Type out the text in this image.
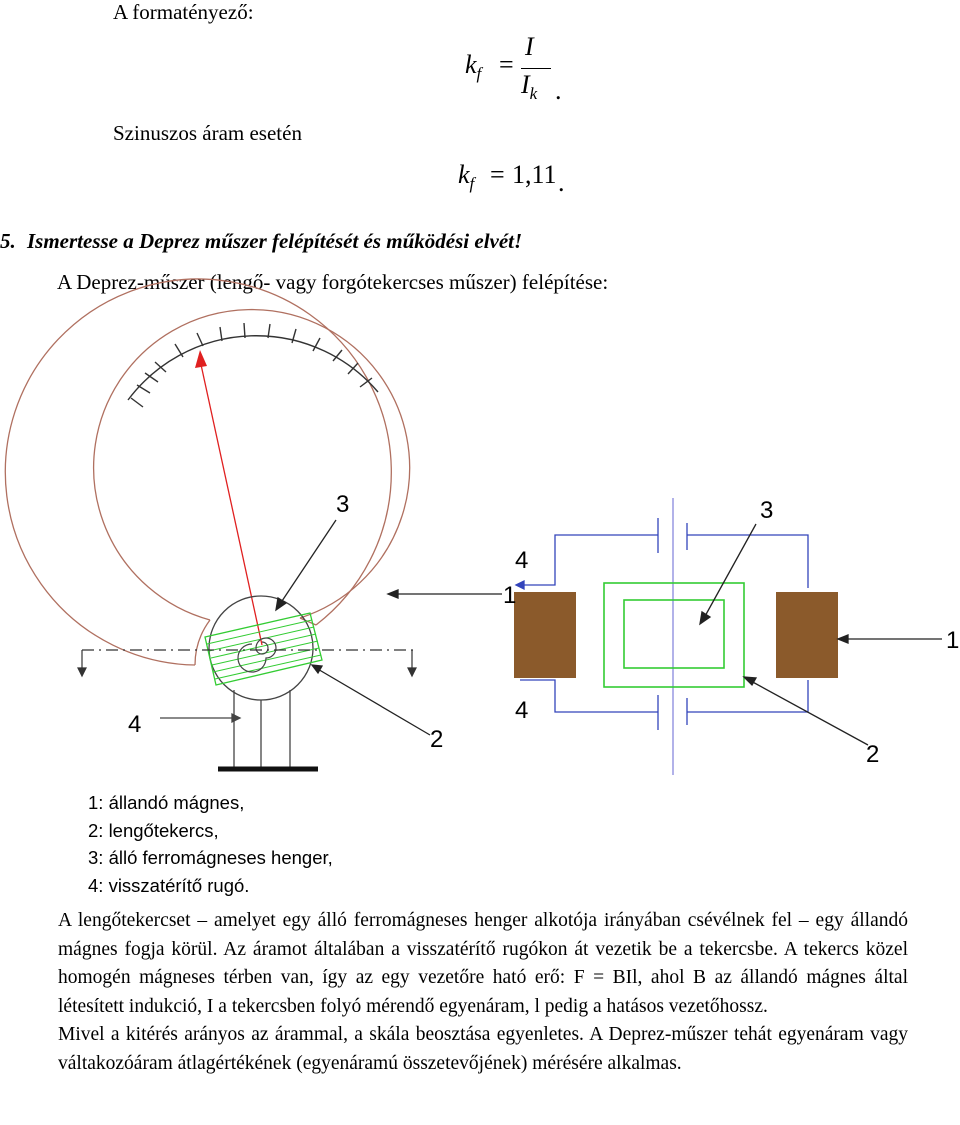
A formatényező:
Szinuszos áram esetén
$k_f$ =
I
$I_k$ .
$k_f = 1,11$ .
5. Ismertesse a Deprez műszer felépítését és működési elvét!
A Deprez-műszer (lengő- vagy forgótekercses műszer) felépítése:
3
4
2
4
3
1
1
4
2
1: állandó mágnes,
2: lengőtekercs,
3: álló ferromágneses henger,
4: visszatérítő rugó.

A lengőtekercset – amelyet egy álló ferromágneses henger alkotója irányában csévélnek fel – egy állandó mágnes fogja körül. Az áramot általában a visszatérítő rugókon át vezetik be a tekercsbe. A tekercs közel homogén mágneses térben van, így az egy vezetőre ható erő: F = BIl, ahol B az állandó mágnes által létesített indukció, I a tekercsben folyó mérendő egyenáram, l pedig a hatásos vezetőhossz.

Mivel a kitérés arányos az árammal, a skála beosztása egyenletes. A Deprez-műszer tehát egyenáram vagy váltakozóáram átlagértékének (egyenáramú összetevőjének) mérésére alkalmas.
